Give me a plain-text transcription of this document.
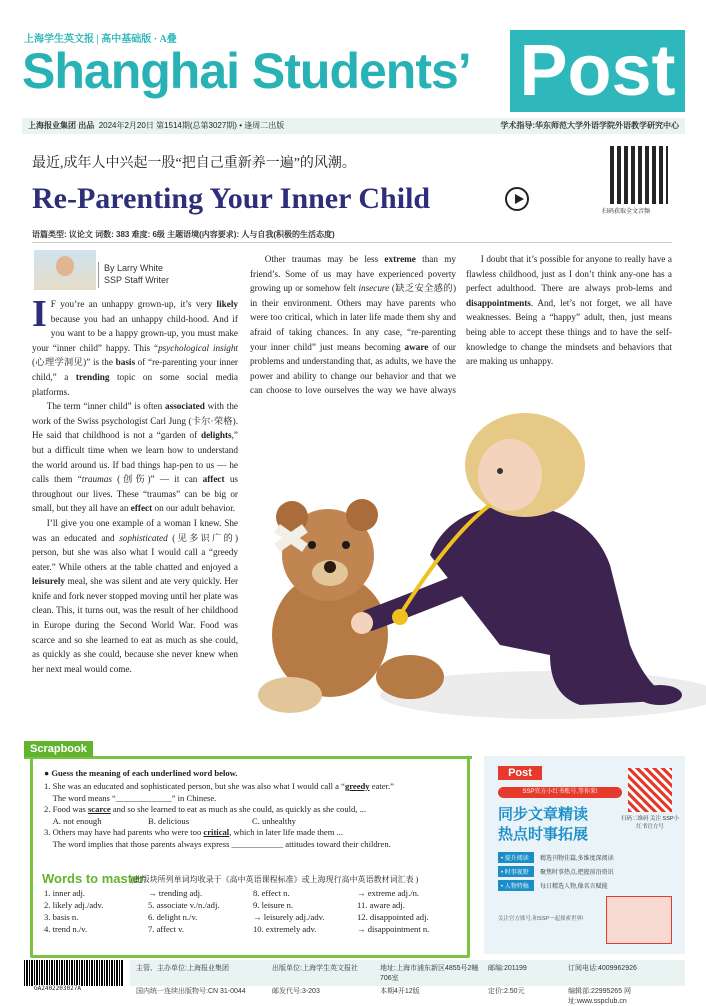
上海学生英文报 | 高中基础版 · A叠
Shanghai Students’ Post
上海报业集团 出品 2024年2月20日 第1514期(总第3027期) • 逢周二出版	学术指导:华东师范大学外语学院外语教学研究中心
最近,成年人中兴起一股“把自己重新养一遍”的风潮。
Re-Parenting Your Inner Child	扫码获取全文音频
语篇类型: 议论文 词数: 383 难度: 6级 主题语境(内容要求): 人与自我(积极的生活态度)
By Larry White
SSP Staff Writer
I F you’re an unhappy grown-up, it’s very likely because you had an unhappy child-hood. And if you want to be a happy grown-up, you must make your “inner child” happy. This “psychological insight (心理学洞见)” is the basis of “re-parenting your inner child,” a trending topic on some social media platforms.

The term “inner child” is often associated with the work of the Swiss psychologist Carl Jung (卡尔·荣格). He said that childhood is not a “garden of delights,” but a difficult time when we learn how to understand the world around us. If bad things hap-pen to us — he calls them “traumas (创伤)” — it can affect us throughout our lives. These “traumas” can be big or small, but they all have an effect on our adult behavior.

I’ll give you one example of a woman I knew. She was an educated and sophisticated (见多识广的) person, but she was also what I would call a “greedy eater.” While others at the table chatted and enjoyed a leisurely meal, she was silent and ate very quickly. Her knife and fork never stopped moving until her plate was clean. This, it turns out, was the result of her childhood in Europe during the Second World War. Food was scarce and so she learned to eat as much as she could, as quickly as she could, because she never knew when her next meal would come.

Other traumas may be less extreme than my friend’s. Some of us may have experienced poverty growing up or somehow felt insecure (缺乏安全感的) in their environment. Others may have parents who were too critical, which in later life made them shy and afraid of taking chances. In any case, “re-parenting your inner child” just means becoming aware of our problems and understanding that, as adults, we have the power and ability to change our behavior and that we can choose to love ourselves the way we have always

I doubt that it’s possible for anyone to really have a flawless childhood, just as I don’t think any-one has a perfect adulthood. There are always prob-lems and disappointments. And, let’s not forget, we all have weaknesses. Being a “happy” adult, then, just means being able to accept these things and to have the self-knowledge to change the mindsets and behaviors that are making us unhappy.

Scrapbook
● Guess the meaning of each underlined word below.
1. She was an educated and sophisticated person, but she was also what I would call a “greedy eater.”
The word means “_____________” in Chinese.
2. Food was scarce and so she learned to eat as much as she could, as quickly as she could, ...
A. not enough	B. delicious	C. unhealthy
3. Others may have had parents who were too critical, which in later life made them ...
The word implies that those parents always express ____________ attitudes toward their children.
Words to master
(此版块所列单词均收录于《高中英语课程标准》或上海现行高中英语教材词汇表 )
1. inner adj.	→ trending adj.	8. effect n.	→ extreme adj./n.
2. likely adj./adv.	5. associate v./n./adj.	9. leisure n.	11. aware adj.
3. basis n.	6. delight n./v.	→ leisurely adj./adv.	12. disappointed adj.
4. trend n./v.	7. affect v.	10. extremely adv.	→ disappointment n.
Post
SSP官方小红书账号,等你来!
同步文章精读
热点时事拓展
扫码二维码 关注 SSP小红书官方号
• 提升阅读	精选刊物佳篇,多维度深阅读
• 时事视野	聚焦时事热点,把握前沿资讯
• 人物特稿	每日精选人物,像名言赋能
关注官方账号,和SSP一起探索世界!
GA2402203027A
主管、主办单位:上海报业集团	出版单位:上海学生英文报社	地址:上海市浦东新区4855号2幢706室
邮编:201199	订阅电话:4009962926
国内统一连续出版物号:CN 31-0044	邮发代号:3-203	本期4开12版	定价:2.50元	编辑部:22995265 网址:www.sspclub.cn
